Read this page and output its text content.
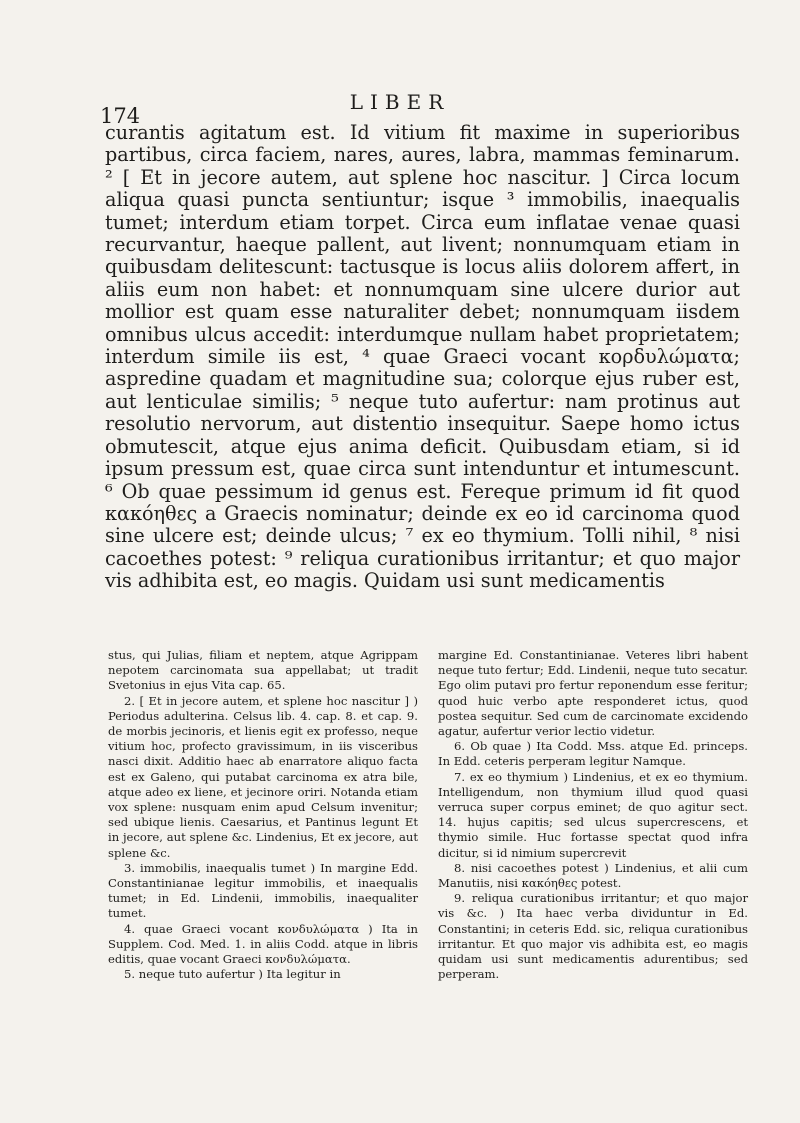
174
LIBER

curantis agitatum est. Id vitium fit maxime in superioribus partibus, circa faciem, nares, aures, labra, mammas feminarum. ² [ Et in jecore autem, aut splene hoc nascitur. ] Circa locum aliqua quasi puncta sentiuntur; isque ³ immobilis, inaequalis tumet; interdum etiam torpet. Circa eum inflatae venae quasi recurvantur, haeque pallent, aut livent; nonnumquam etiam in quibusdam delitescunt: tactusque is locus aliis dolorem affert, in aliis eum non habet: et nonnumquam sine ulcere durior aut mollior est quam esse naturaliter debet; nonnumquam iisdem omnibus ulcus accedit: interdumque nullam habet proprietatem; interdum simile iis est, ⁴ quae Graeci vocant κορδυλώματα; aspredine quadam et magnitudine sua; colorque ejus ruber est, aut lenticulae similis; ⁵ neque tuto aufertur: nam protinus aut resolutio nervorum, aut distentio insequitur. Saepe homo ictus obmutescit, atque ejus anima deficit. Quibusdam etiam, si id ipsum pressum est, quae circa sunt intenduntur et intumescunt. ⁶ Ob quae pessimum id genus est. Fereque primum id fit quod κακόηθες a Graecis nominatur; deinde ex eo id carcinoma quod sine ulcere est; deinde ulcus; ⁷ ex eo thymium. Tolli nihil, ⁸ nisi cacoethes potest: ⁹ reliqua curationibus irritantur; et quo major vis adhibita est, eo magis. Quidam usi sunt medicamentis

stus, qui Julias, filiam et neptem, atque Agrippam nepotem carcinomata sua appellabat; ut tradit Svetonius in ejus Vita cap. 65.

2. [ Et in jecore autem, et splene hoc nascitur ] ) Periodus adulterina. Celsus lib. 4. cap. 8. et cap. 9. de morbis jecinoris, et lienis egit ex professo, neque vitium hoc, profecto gravissimum, in iis visceribus nasci dixit. Additio haec ab enarratore aliquo facta est ex Galeno, qui putabat carcinoma ex atra bile, atque adeo ex liene, et jecinore oriri. Notanda etiam vox splene: nusquam enim apud Celsum invenitur; sed ubique lienis. Caesarius, et Pantinus legunt Et in jecore, aut splene &c. Lindenius, Et ex jecore, aut splene &c.

3. immobilis, inaequalis tumet ) In margine Edd. Constantinianae legitur immobilis, et inaequalis tumet; in Ed. Lindenii, immobilis, inaequaliter tumet.

4. quae Graeci vocant κονδυλώματα ) Ita in Supplem. Cod. Med. 1. in aliis Codd. atque in libris editis, quae vocant Graeci κονδυλώματα.

5. neque tuto aufertur ) Ita legitur in

margine Ed. Constantinianae. Veteres libri habent neque tuto fertur; Edd. Lindenii, neque tuto secatur. Ego olim putavi pro fertur reponendum esse feritur; quod huic verbo apte responderet ictus, quod postea sequitur. Sed cum de carcinomate excidendo agatur, aufertur verior lectio videtur.

6. Ob quae ) Ita Codd. Mss. atque Ed. princeps. In Edd. ceteris perperam legitur Namque.

7. ex eo thymium ) Lindenius, et ex eo thymium. Intelligendum, non thymium illud quod quasi verruca super corpus eminet; de quo agitur sect. 14. hujus capitis; sed ulcus supercrescens, et thymio simile. Huc fortasse spectat quod infra dicitur, si id nimium supercrevit

8. nisi cacoethes potest ) Lindenius, et alii cum Manutiis, nisi κακόηθες potest.

9. reliqua curationibus irritantur; et quo major vis &c. ) Ita haec verba dividuntur in Ed. Constantini; in ceteris Edd. sic, reliqua curationibus irritantur. Et quo major vis adhibita est, eo magis quidam usi sunt medicamentis adurentibus; sed perperam.
